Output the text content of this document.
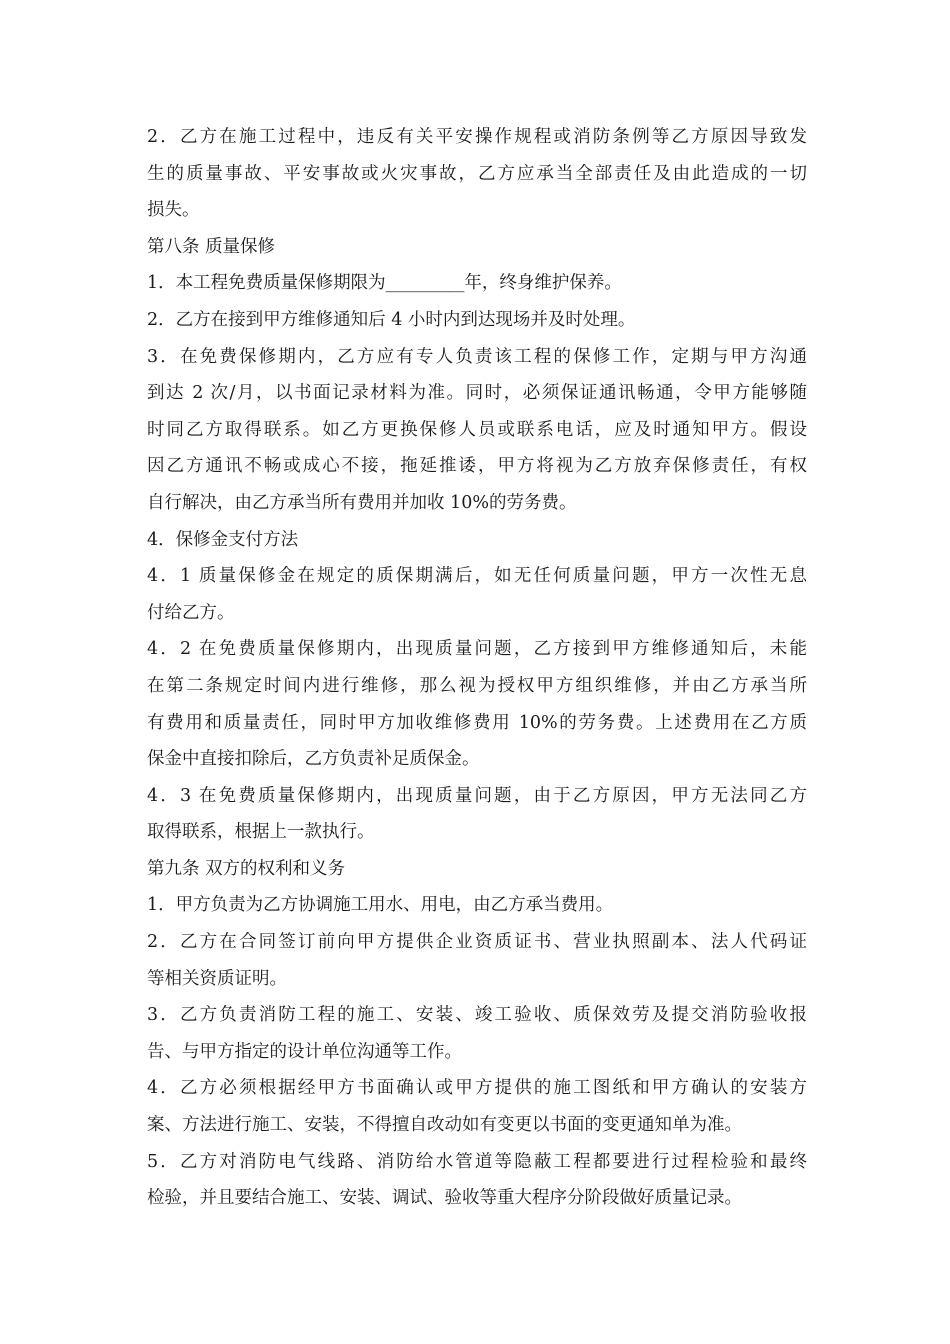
2．乙方在施工过程中，违反有关平安操作规程或消防条例等乙方原因导致发
生的质量事故、平安事故或火灾事故，乙方应承当全部责任及由此造成的一切
损失。

第八条 质量保修

1．本工程免费质量保修期限为_________年，终身维护保养。

2．乙方在接到甲方维修通知后 4 小时内到达现场并及时处理。

3．在免费保修期内，乙方应有专人负责该工程的保修工作，定期与甲方沟通
到达 2 次/月，以书面记录材料为准。同时，必须保证通讯畅通，令甲方能够随
时同乙方取得联系。如乙方更换保修人员或联系电话，应及时通知甲方。假设
因乙方通讯不畅或成心不接，拖延推诿，甲方将视为乙方放弃保修责任，有权
自行解决，由乙方承当所有费用并加收 10%的劳务费。

4．保修金支付方法

4．1 质量保修金在规定的质保期满后，如无任何质量问题，甲方一次性无息
付给乙方。

4．2 在免费质量保修期内，出现质量问题，乙方接到甲方维修通知后，未能
在第二条规定时间内进行维修，那么视为授权甲方组织维修，并由乙方承当所
有费用和质量责任，同时甲方加收维修费用 10%的劳务费。上述费用在乙方质
保金中直接扣除后，乙方负责补足质保金。

4．3 在免费质量保修期内，出现质量问题，由于乙方原因，甲方无法同乙方
取得联系，根据上一款执行。

第九条 双方的权利和义务

1．甲方负责为乙方协调施工用水、用电，由乙方承当费用。

2．乙方在合同签订前向甲方提供企业资质证书、营业执照副本、法人代码证
等相关资质证明。

3．乙方负责消防工程的施工、安装、竣工验收、质保效劳及提交消防验收报
告、与甲方指定的设计单位沟通等工作。

4．乙方必须根据经甲方书面确认或甲方提供的施工图纸和甲方确认的安装方
案、方法进行施工、安装，不得擅自改动如有变更以书面的变更通知单为准。

5．乙方对消防电气线路、消防给水管道等隐蔽工程都要进行过程检验和最终
检验，并且要结合施工、安装、调试、验收等重大程序分阶段做好质量记录。
